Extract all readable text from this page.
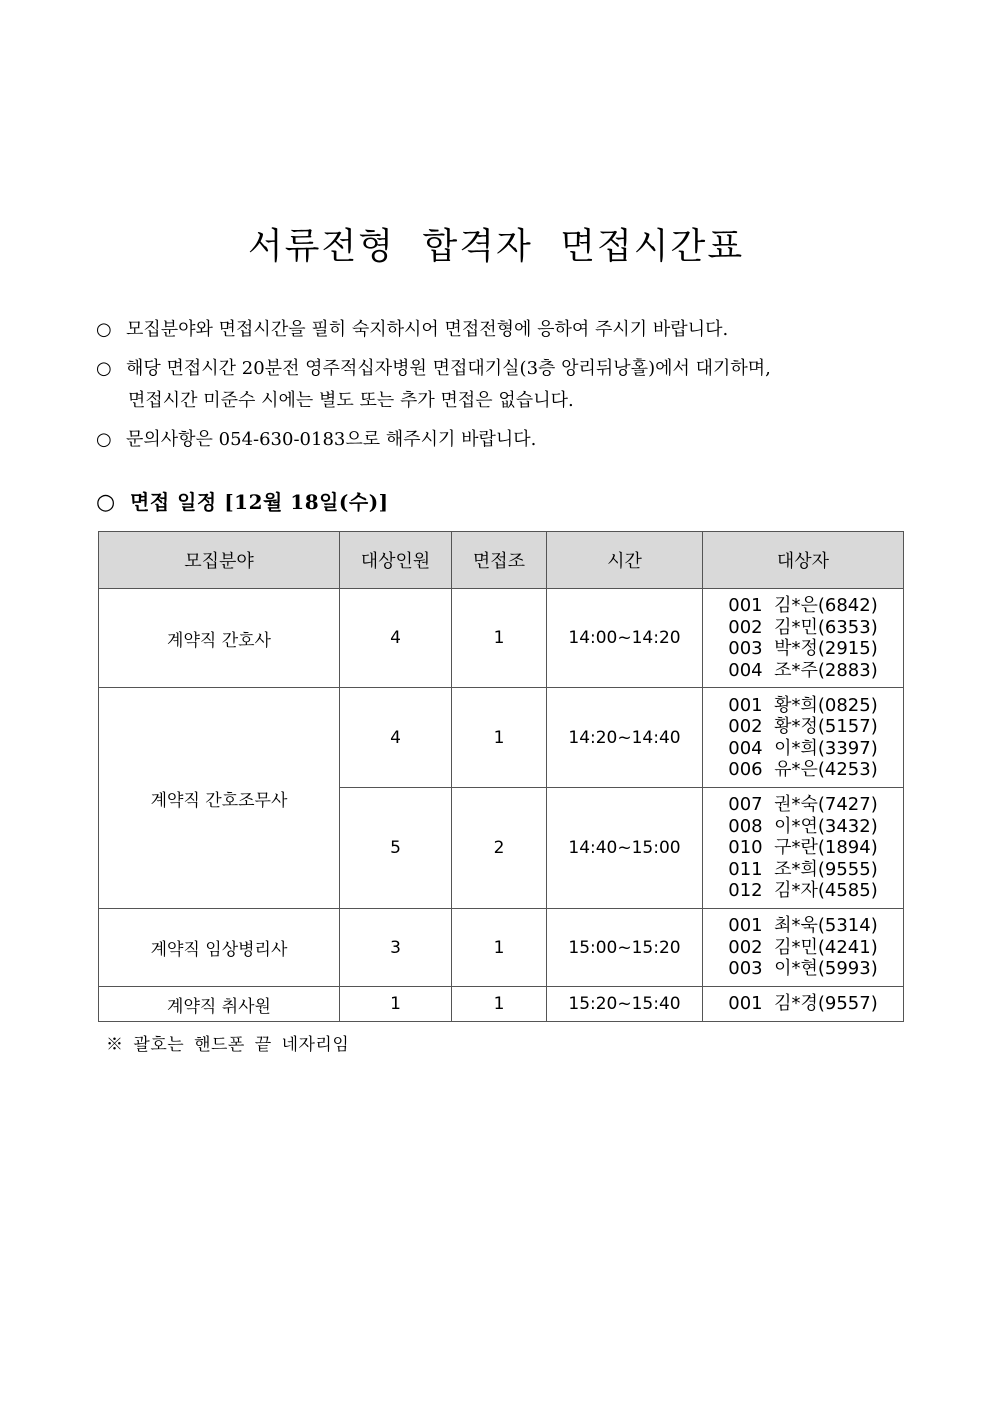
서류전형 합격자 면접시간표

○ 모집분야와 면접시간을 필히 숙지하시어 면접전형에 응하여 주시기 바랍니다.

○ 해당 면접시간 20분전 영주적십자병원 면접대기실(3층 앙리뒤낭홀)에서 대기하며,
면접시간 미준수 시에는 별도 또는 추가 면접은 없습니다.

○ 문의사항은 054-630-0183으로 해주시기 바랍니다.

○ 면접 일정 [12월 18일(수)]
모집분야	대상인원	면접조	시간	대상자
계약직 간호사	4	1	14:00~14:20	001  김*은(6842)
002  김*민(6353)
003  박*정(2915)
004  조*주(2883)

계약직 간호조무사	4	1	14:20~14:40	001  황*희(0825)
002  황*정(5157)
004  이*희(3397)
006  유*은(4253)

	5	2	14:40~15:00	007  권*숙(7427)
008  이*연(3432)
010  구*란(1894)
011  조*희(9555)
012  김*자(4585)

계약직 임상병리사	3	1	15:00~15:20	001  최*욱(5314)
002  김*민(4241)
003  이*현(5993)

계약직 취사원	1	1	15:20~15:40	001  김*경(9557)

※ 괄호는 핸드폰 끝 네자리임
